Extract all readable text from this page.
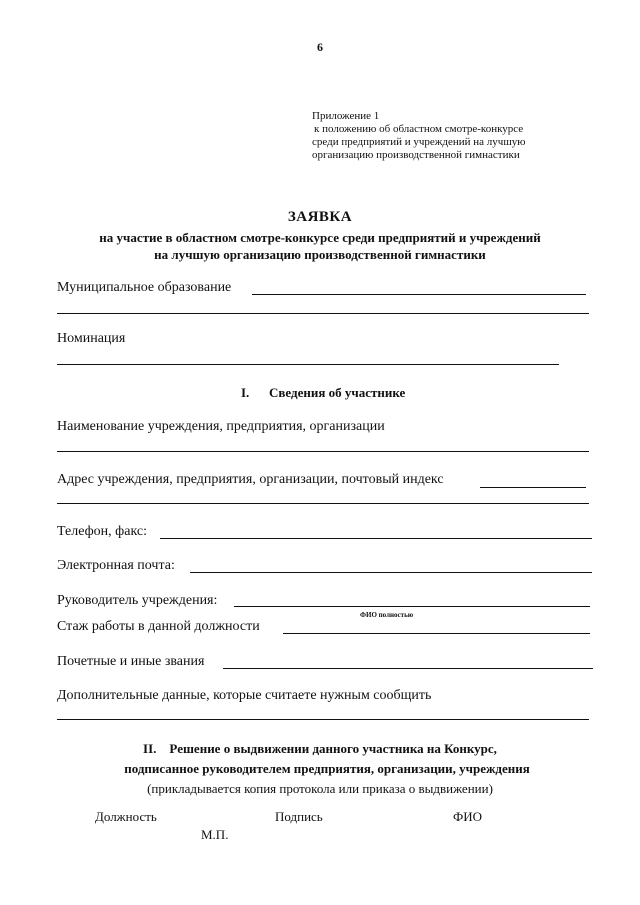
6
Приложение 1
к положению об областном смотре-конкурсе
среди предприятий и учреждений на лучшую
организацию производственной гимнастики
ЗАЯВКА
на участие в областном смотре-конкурсе среди предприятий и учреждений
на лучшую организацию производственной гимнастики
Муниципальное образование
Номинация
I. Сведения об участнике
Наименование учреждения, предприятия, организации
Адрес учреждения, предприятия, организации, почтовый индекс
Телефон, факс:
Электронная почта:
Руководитель учреждения:
ФИО полностью
Стаж работы в данной должности
Почетные и иные звания
Дополнительные данные, которые считаете нужным сообщить
II. Решение о выдвижении данного участника на Конкурс,
подписанное руководителем предприятия, организации, учреждения
(прикладывается копия протокола или приказа о выдвижении)
Должность	Подпись	ФИО
М.П.
